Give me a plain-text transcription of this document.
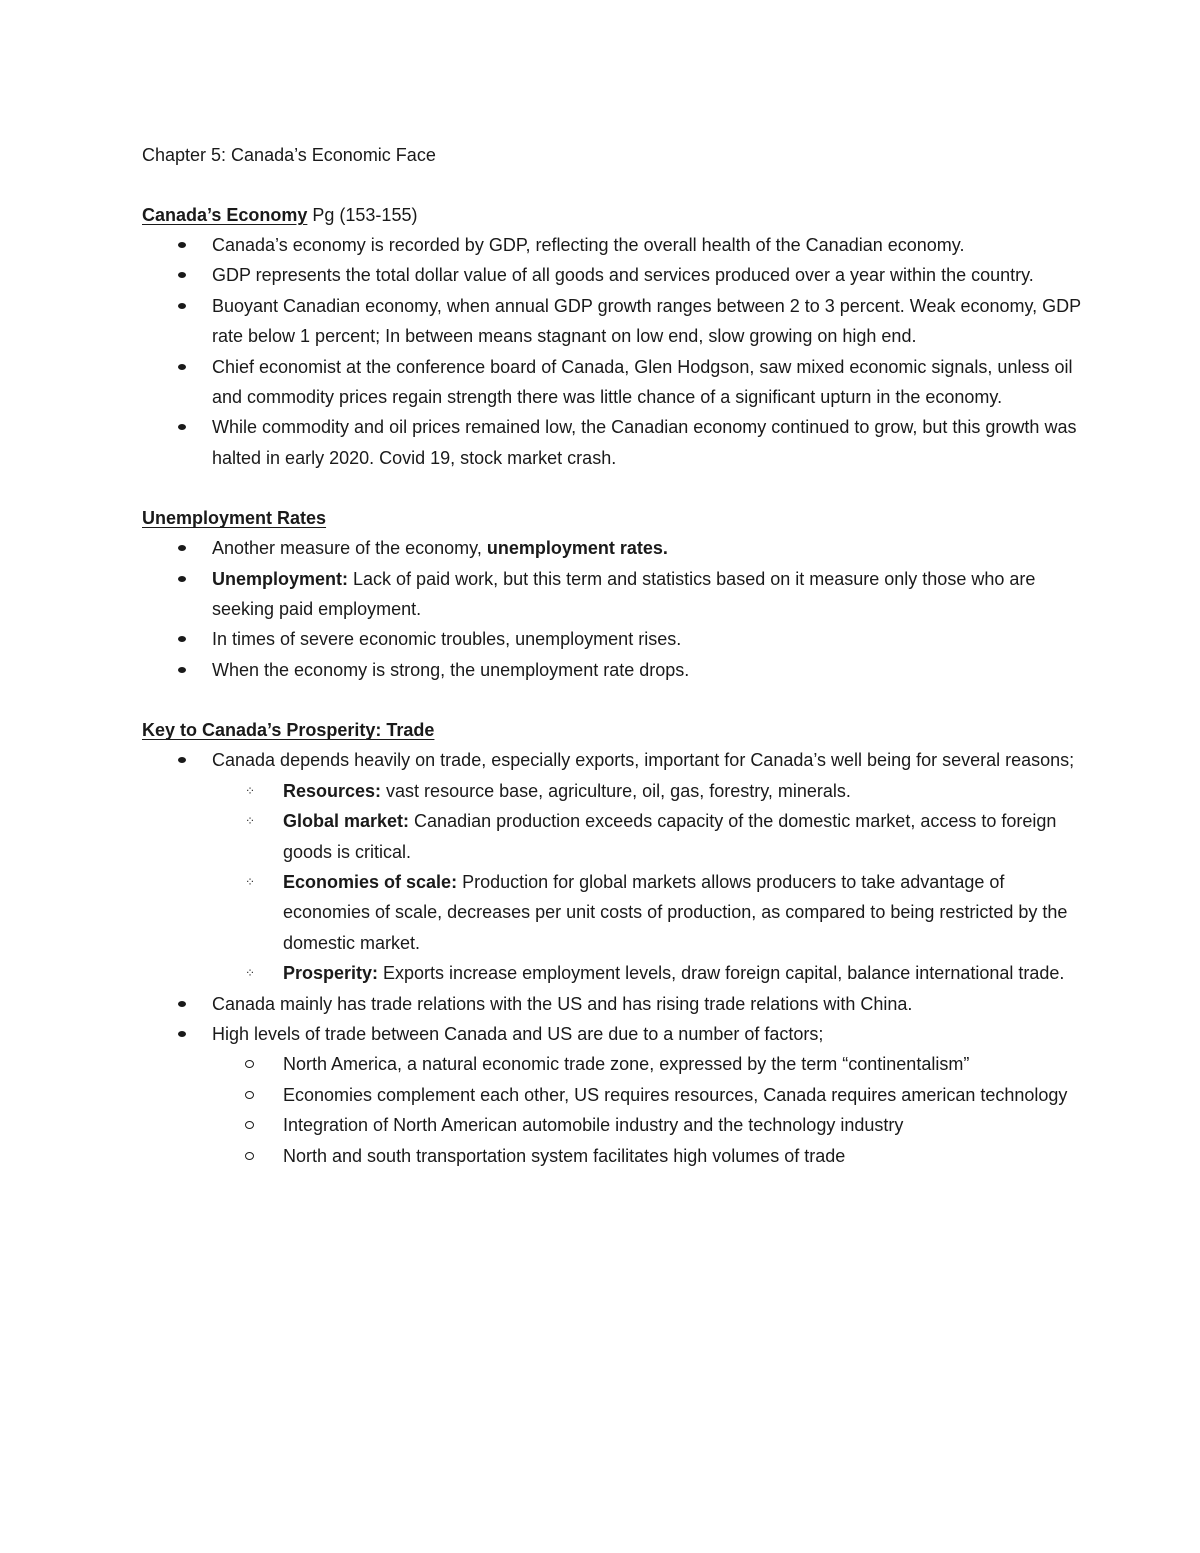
Chapter 5: Canada’s Economic Face

Canada’s Economy Pg (153-155)

Canada’s economy is recorded by GDP, reflecting the overall health of the Canadian economy.
GDP represents the total dollar value of all goods and services produced over a year within the country.
Buoyant Canadian economy, when annual GDP growth ranges between 2 to 3 percent. Weak economy, GDP rate below 1 percent; In between means stagnant on low end, slow growing on high end.
Chief economist at the conference board of Canada, Glen Hodgson, saw mixed economic signals, unless oil and commodity prices regain strength there was little chance of a significant upturn in the economy.
While commodity and oil prices remained low, the Canadian economy continued to grow, but this growth was halted in early 2020. Covid 19, stock market crash.

Unemployment Rates

Another measure of the economy, unemployment rates.
Unemployment: Lack of paid work, but this term and statistics based on it measure only those who are seeking paid employment.
In times of severe economic troubles, unemployment rises.
When the economy is strong, the unemployment rate drops.

Key to Canada’s Prosperity: Trade

Canada depends heavily on trade, especially exports, important for Canada’s well being for several reasons;
⁘ Resources: vast resource base, agriculture, oil, gas, forestry, minerals.
⁘ Global market: Canadian production exceeds capacity of the domestic market, access to foreign goods is critical.
⁘ Economies of scale: Production for global markets allows producers to take advantage of economies of scale, decreases per unit costs of production, as compared to being restricted by the domestic market.
⁘ Prosperity: Exports increase employment levels, draw foreign capital, balance international trade.
Canada mainly has trade relations with the US and has rising trade relations with China.
High levels of trade between Canada and US are due to a number of factors;
North America, a natural economic trade zone, expressed by the term “continentalism”
Economies complement each other, US requires resources, Canada requires american technology
Integration of North American automobile industry and the technology industry
North and south transportation system facilitates high volumes of trade
